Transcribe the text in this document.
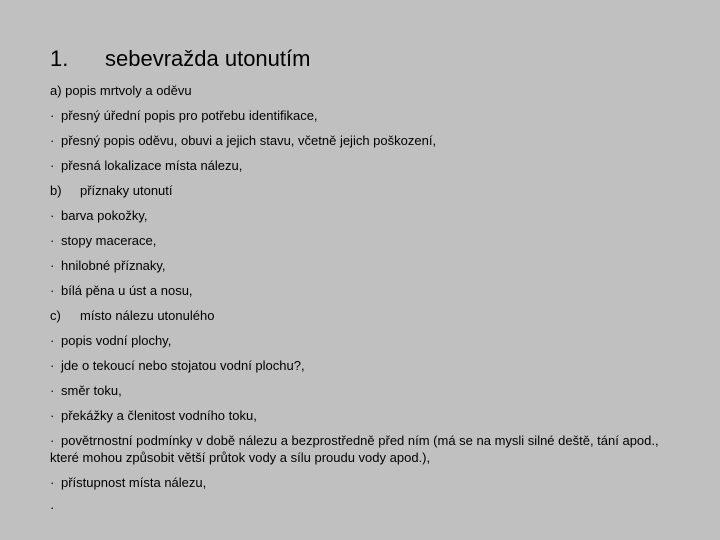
1. sebevražda utonutím
a) popis mrtvoly a oděvu
· přesný úřední popis pro potřebu identifikace,
· přesný popis oděvu, obuvi a jejich stavu, včetně jejich poškození,
· přesná lokalizace místa nálezu,
b) příznaky utonutí
· barva pokožky,
· stopy macerace,
· hnilobné příznaky,
· bílá pěna u úst a nosu,
c) místo nálezu utonulého
· popis vodní plochy,
· jde o tekoucí nebo stojatou vodní plochu?,
· směr toku,
· překážky a členitost vodního toku,
· povětrnostní podmínky v době nálezu a bezprostředně před ním (má se na mysli silné deště, tání apod., které mohou způsobit větší průtok vody a sílu proudu vody apod.),
· přístupnost místa nálezu,
·
